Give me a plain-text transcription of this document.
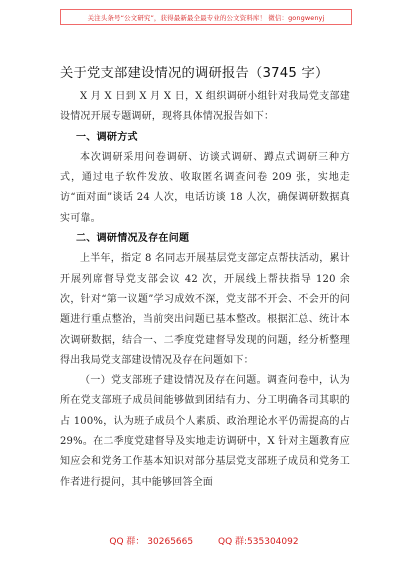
关注头条号“公文研究”，获得最新最全最专业的公文资料库！ 微信：gongwenyj
关于党支部建设情况的调研报告（3745 字）

X 月 X 日到 X 月 X 日，X 组织调研小组针对我局党支部建设情况开展专题调研，现将具体情况报告如下：

一、调研方式

本次调研采用问卷调研、访谈式调研、蹲点式调研三种方式，通过电子软件发放、收取匿名调查问卷 209 张，实地走访“面对面”谈话 24 人次，电话访谈 18 人次，确保调研数据真实可靠。

二、调研情况及存在问题

上半年，指定 8 名同志开展基层党支部定点帮扶活动，累计开展列席督导党支部会议 42 次，开展线上帮扶指导 120 余次，针对“第一议题”学习成效不深，党支部不开会、不会开的问题进行重点整治，当前突出问题已基本整改。根据汇总、统计本次调研数据，结合一、二季度党建督导发现的问题，经分析整理得出我局党支部建设情况及存在问题如下：

（一）党支部班子建设情况及存在问题。调查问卷中，认为所在党支部班子成员间能够做到团结有力、分工明确各司其职的占 100%，认为班子成员个人素质、政治理论水平仍需提高的占 29%。在二季度党建督导及实地走访调研中，X 针对主题教育应知应会和党务工作基本知识对部分基层党支部班子成员和党务工作者进行提问，其中能够回答全面

QQ 群： 30265665	QQ 群:535304092
